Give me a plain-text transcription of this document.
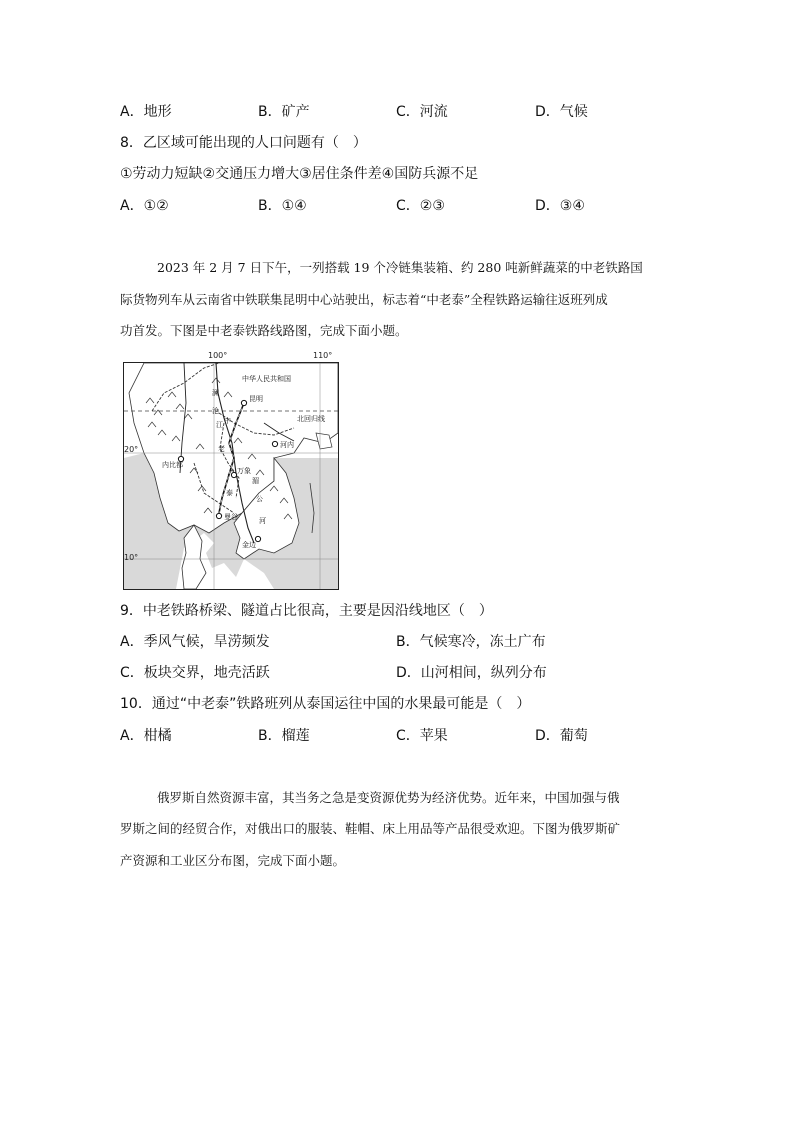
A．地形	B．矿产	C．河流	D．气候
8．乙区域可能出现的人口问题有（　）
①劳动力短缺②交通压力增大③居住条件差④国防兵源不足
A．①②	B．①④	C．②③	D．③④
2023 年 2 月 7 日下午，一列搭载 19 个冷链集装箱、约 280 吨新鲜蔬菜的中老铁路国
际货物列车从云南省中铁联集昆明中心站驶出，标志着“中老泰”全程铁路运输往返班列成
功首发。下图是中老泰铁路线路图，完成下面小题。
100°	110°
中华人民共和国
昆明
北回归线
河内
内比都
万象
曼谷
金边
澜
沧
江
湄
公
河
中
老
泰
20°
10°
9．中老铁路桥梁、隧道占比很高，主要是因沿线地区（　）
A．季风气候，旱涝频发	B．气候寒冷，冻土广布
C．板块交界，地壳活跃	D．山河相间，纵列分布
10．通过“中老泰”铁路班列从泰国运往中国的水果最可能是（　）
A．柑橘	B．榴莲	C．苹果	D．葡萄
俄罗斯自然资源丰富，其当务之急是变资源优势为经济优势。近年来，中国加强与俄
罗斯之间的经贸合作，对俄出口的服装、鞋帽、床上用品等产品很受欢迎。下图为俄罗斯矿
产资源和工业区分布图，完成下面小题。
